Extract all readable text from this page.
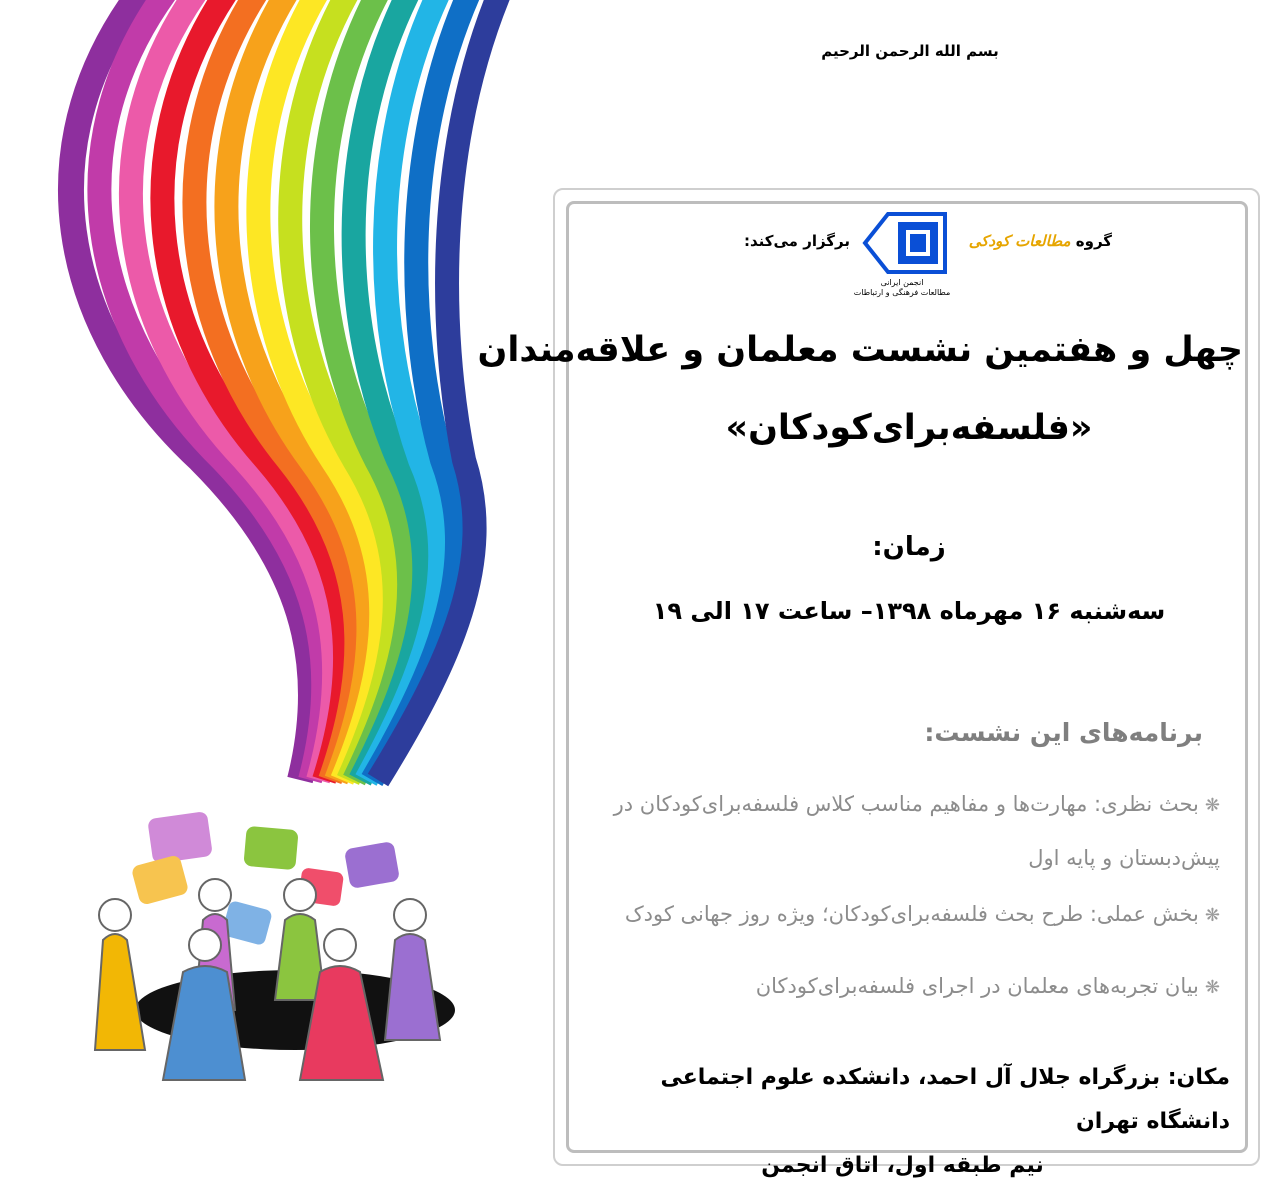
بسم الله الرحمن الرحیم
گروه مطالعات کودکی
برگزار می‌کند:
انجمن ایرانی
مطالعات فرهنگی و ارتباطات
چهل و هفتمین نشست معلمان و علاقه‌مندان
«فلسفه‌برای‌کودکان»
زمان:
سه‌شنبه ۱۶ مهرماه ۱۳۹۸– ساعت ۱۷ الی ۱۹
برنامه‌های این نشست:
❋بحث نظری: مهارت‌ها و مفاهیم مناسب کلاس فلسفه‌برای‌کودکان در پیش‌دبستان و پایه اول
❋بخش عملی: طرح بحث فلسفه‌برای‌کودکان؛ ویژه روز جهانی کودک
❋بیان تجربه‌های معلمان در اجرای فلسفه‌برای‌کودکان
مکان: بزرگراه جلال آل احمد، دانشکده علوم اجتماعی دانشگاه تهران
نیم طبقه اول، اتاق انجمن
